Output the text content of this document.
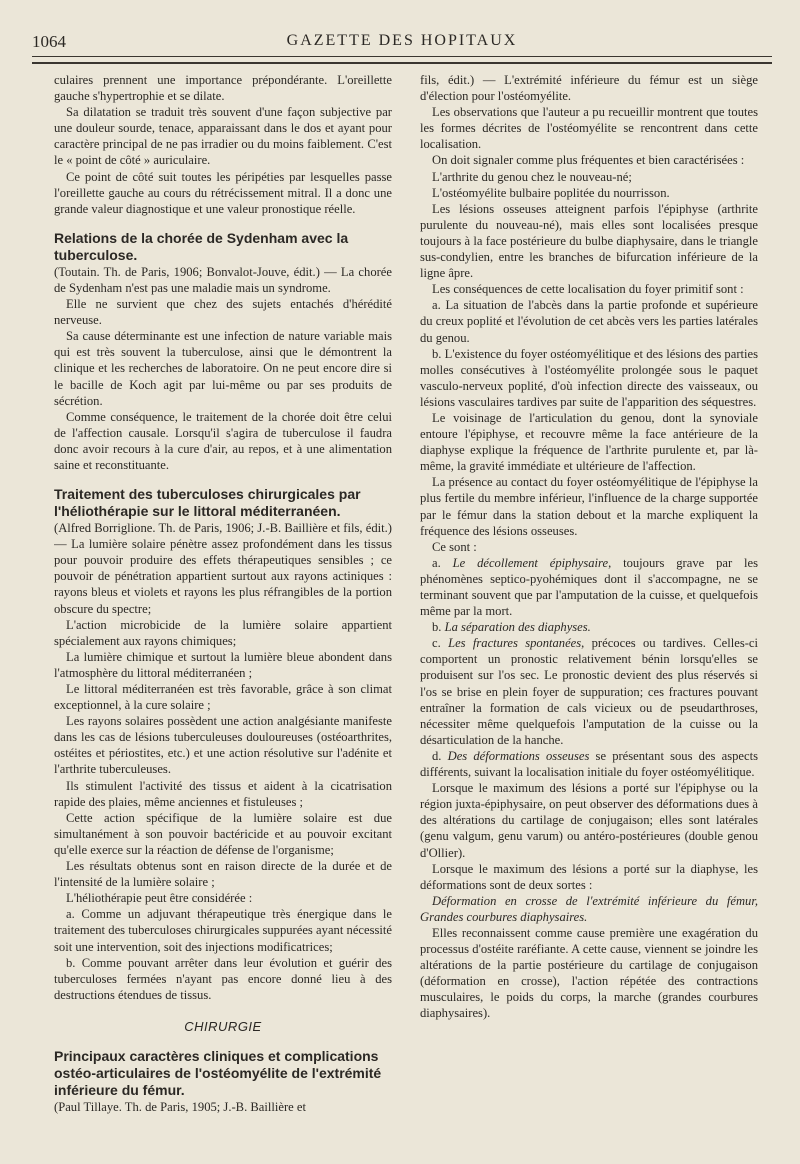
1064	GAZETTE DES HOPITAUX

culaires prennent une importance prépondérante. L'oreillette gauche s'hypertrophie et se dilate.

Sa dilatation se traduit très souvent d'une façon subjective par une douleur sourde, tenace, apparaissant dans le dos et ayant pour caractère principal de ne pas irradier ou du moins faiblement. C'est le « point de côté » auriculaire.

Ce point de côté suit toutes les péripéties par lesquelles passe l'oreillette gauche au cours du rétrécissement mitral. Il a donc une grande valeur diagnostique et une valeur pronostique réelle.

Relations de la chorée de Sydenham avec la tuberculose.

(Toutain. Th. de Paris, 1906; Bonvalot-Jouve, édit.) — La chorée de Sydenham n'est pas une maladie mais un syndrome.

Elle ne survient que chez des sujets entachés d'hérédité nerveuse.

Sa cause déterminante est une infection de nature variable mais qui est très souvent la tuberculose, ainsi que le démontrent la clinique et les recherches de laboratoire. On ne peut encore dire si le bacille de Koch agit par lui-même ou par ses produits de sécrétion.

Comme conséquence, le traitement de la chorée doit être celui de l'affection causale. Lorsqu'il s'agira de tuberculose il faudra donc avoir recours à la cure d'air, au repos, et à une alimentation saine et reconstituante.

Traitement des tuberculoses chirurgicales par l'héliothérapie sur le littoral méditerranéen.

(Alfred Borriglione. Th. de Paris, 1906; J.-B. Baillière et fils, édit.) — La lumière solaire pénètre assez profondément dans les tissus pour pouvoir produire des effets thérapeutiques sensibles ; ce pouvoir de pénétration appartient surtout aux rayons actiniques : rayons bleus et violets et rayons les plus réfrangibles de la portion obscure du spectre;

L'action microbicide de la lumière solaire appartient spécialement aux rayons chimiques;

La lumière chimique et surtout la lumière bleue abondent dans l'atmosphère du littoral méditerranéen ;

Le littoral méditerranéen est très favorable, grâce à son climat exceptionnel, à la cure solaire ;

Les rayons solaires possèdent une action analgésiante manifeste dans les cas de lésions tuberculeuses douloureuses (ostéoarthrites, ostéites et périostites, etc.) et une action résolutive sur l'adénite et l'arthrite tuberculeuses.

Ils stimulent l'activité des tissus et aident à la cicatrisation rapide des plaies, même anciennes et fistuleuses ;

Cette action spécifique de la lumière solaire est due simultanément à son pouvoir bactéricide et au pouvoir excitant qu'elle exerce sur la réaction de défense de l'organisme;

Les résultats obtenus sont en raison directe de la durée et de l'intensité de la lumière solaire ;

L'héliothérapie peut être considérée :

a. Comme un adjuvant thérapeutique très énergique dans le traitement des tuberculoses chirurgicales suppurées ayant nécessité soit une intervention, soit des injections modificatrices;

b. Comme pouvant arrêter dans leur évolution et guérir des tuberculoses fermées n'ayant pas encore donné lieu à des destructions étendues de tissus.

CHIRURGIE
Principaux caractères cliniques et complications ostéo-articulaires de l'ostéomyélite de l'extrémité inférieure du fémur.

(Paul Tillaye. Th. de Paris, 1905; J.-B. Baillière et

fils, édit.) — L'extrémité inférieure du fémur est un siège d'élection pour l'ostéomyélite.

Les observations que l'auteur a pu recueillir montrent que toutes les formes décrites de l'ostéomyélite se rencontrent dans cette localisation.

On doit signaler comme plus fréquentes et bien caractérisées :

L'arthrite du genou chez le nouveau-né;

L'ostéomyélite bulbaire poplitée du nourrisson.

Les lésions osseuses atteignent parfois l'épiphyse (arthrite purulente du nouveau-né), mais elles sont localisées presque toujours à la face postérieure du bulbe diaphysaire, dans le triangle sus-condylien, entre les branches de bifurcation inférieure de la ligne âpre.

Les conséquences de cette localisation du foyer primitif sont :

a. La situation de l'abcès dans la partie profonde et supérieure du creux poplité et l'évolution de cet abcès vers les parties latérales du genou.

b. L'existence du foyer ostéomyélitique et des lésions des parties molles consécutives à l'ostéomyélite prolongée sous le paquet vasculo-nerveux poplité, d'où infection directe des vaisseaux, ou lésions vasculaires tardives par suite de l'apparition des séquestres.

Le voisinage de l'articulation du genou, dont la synoviale entoure l'épiphyse, et recouvre même la face antérieure de la diaphyse explique la fréquence de l'arthrite purulente et, par là-même, la gravité immédiate et ultérieure de l'affection.

La présence au contact du foyer ostéomyélitique de l'épiphyse la plus fertile du membre inférieur, l'influence de la charge supportée par le fémur dans la station debout et la marche expliquent la fréquence des lésions osseuses.

Ce sont :

a. Le décollement épiphysaire, toujours grave par les phénomènes septico-pyohémiques dont il s'accompagne, ne se terminant souvent que par l'amputation de la cuisse, et quelquefois même par la mort.

b. La séparation des diaphyses.

c. Les fractures spontanées, précoces ou tardives. Celles-ci comportent un pronostic relativement bénin lorsqu'elles se produisent sur l'os sec. Le pronostic devient des plus réservés si l'os se brise en plein foyer de suppuration; ces fractures pouvant entraîner la formation de cals vicieux ou de pseudarthroses, nécessiter même quelquefois l'amputation de la cuisse ou la désarticulation de la hanche.

d. Des déformations osseuses se présentant sous des aspects différents, suivant la localisation initiale du foyer ostéomyélitique.

Lorsque le maximum des lésions a porté sur l'épiphyse ou la région juxta-épiphysaire, on peut observer des déformations dues à des altérations du cartilage de conjugaison; elles sont latérales (genu valgum, genu varum) ou antéro-postérieures (double genou d'Ollier).

Lorsque le maximum des lésions a porté sur la diaphyse, les déformations sont de deux sortes :

Déformation en crosse de l'extrémité inférieure du fémur, Grandes courbures diaphysaires.

Elles reconnaissent comme cause première une exagération du processus d'ostéite raréfiante. A cette cause, viennent se joindre les altérations de la partie postérieure du cartilage de conjugaison (déformation en crosse), l'action répétée des contractions musculaires, le poids du corps, la marche (grandes courbures diaphysaires).
